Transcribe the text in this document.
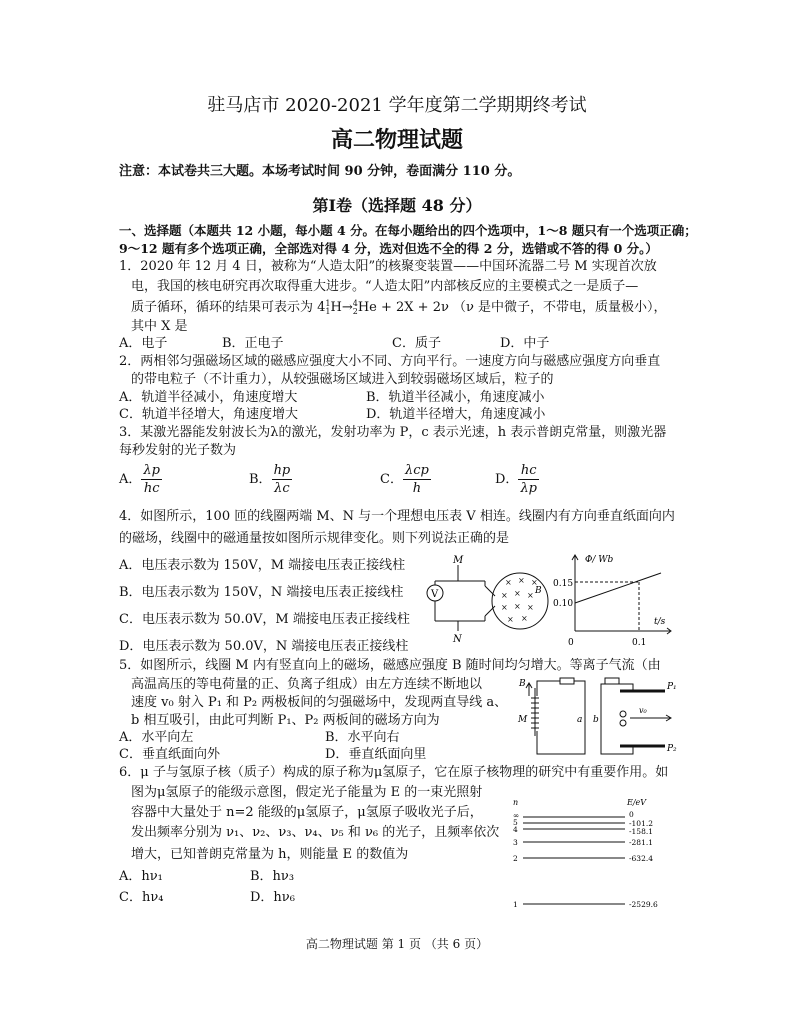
驻马店市 2020-2021 学年度第二学期期终考试
高二物理试题
注意：本试卷共三大题。本场考试时间 90 分钟，卷面满分 110 分。
第Ⅰ卷（选择题 48 分）
一、选择题（本题共 12 小题，每小题 4 分。在每小题给出的四个选项中，1～8 题只有一个选项正确；
9～12 题有多个选项正确，全部选对得 4 分，选对但选不全的得 2 分，选错或不答的得 0 分。）
1．2020 年 12 月 4 日，被称为“人造太阳”的核聚变装置——中国环流器二号 M 实现首次放
电，我国的核电研究再次取得重大进步。“人造太阳”内部核反应的主要模式之一是质子—
质子循环，循环的结果可表示为 4 1
1 H→ 4
2 He + 2X + 2ν （ν 是中微子，不带电，质量极小），
其中 X 是
A．电子	B．正电子	C．质子	D．中子
2．两相邻匀强磁场区域的磁感应强度大小不同、方向平行。一速度方向与磁感应强度方向垂直
的带电粒子（不计重力），从较强磁场区域进入到较弱磁场区域后，粒子的
A．轨道半径减小，角速度增大	B．轨道半径减小，角速度减小
C．轨道半径增大，角速度增大	D．轨道半径增大，角速度减小
3．某激光器能发射波长为λ的激光，发射功率为 P，c 表示光速，h 表示普朗克常量，则激光器
每秒发射的光子数为
A． $\frac{\lambda p}{hc}$	B． $\frac{hp}{\lambda c}$	C． $\frac{\text{λcp}}{h}$	D． $\frac{hc}{\lambda p}$
4．如图所示，100 匝的线圈两端 M、N 与一个理想电压表 V 相连。线圈内有方向垂直纸面向内
的磁场，线圈中的磁通量按如图所示规律变化。则下列说法正确的是
A．电压表示数为 150V，M 端接电压表正接线柱
B．电压表示数为 150V，N 端接电压表正接线柱
C．电压表示数为 50.0V，M 端接电压表正接线柱
D．电压表示数为 50.0V，N 端接电压表正接线柱
V
M
N
× × ×
× × ×
× × ×
× ×
B
Φ/ Wb
t/s
0.15
0.10
0	0.1
5．如图所示，线圈 M 内有竖直向上的磁场，磁感应强度 B 随时间均匀增大。等离子气流（由
高温高压的等电荷量的正、负离子组成）由左方连续不断地以
速度 v₀ 射入 P₁ 和 P₂ 两极板间的匀强磁场中，发现两直导线 a、
b 相互吸引，由此可判断 P₁、P₂ 两板间的磁场方向为
A．水平向左	B．水平向右
C．垂直纸面向外	D．垂直纸面向里
B
M	a b
P₁
P₂
v₀
6．μ 子与氢原子核（质子）构成的原子称为μ氢原子，它在原子核物理的研究中有重要作用。如
图为μ氢原子的能级示意图，假定光子能量为 E 的一束光照射
容器中大量处于 n=2 能级的μ氢原子，μ氢原子吸收光子后，
发出频率分别为 ν₁、ν₂、ν₃、ν₄、ν₅ 和 ν₆ 的光子，且频率依次
增大，已知普朗克常量为 h，则能量 E 的数值为
A．hν₁	B．hν₃
C．hν₄	D．hν₆
n	E/eV
∞
5
4
3
2
1
0
-101.2
-158.1
-281.1
-632.4
-2529.6
高二物理试题 第 1 页 （共 6 页）
